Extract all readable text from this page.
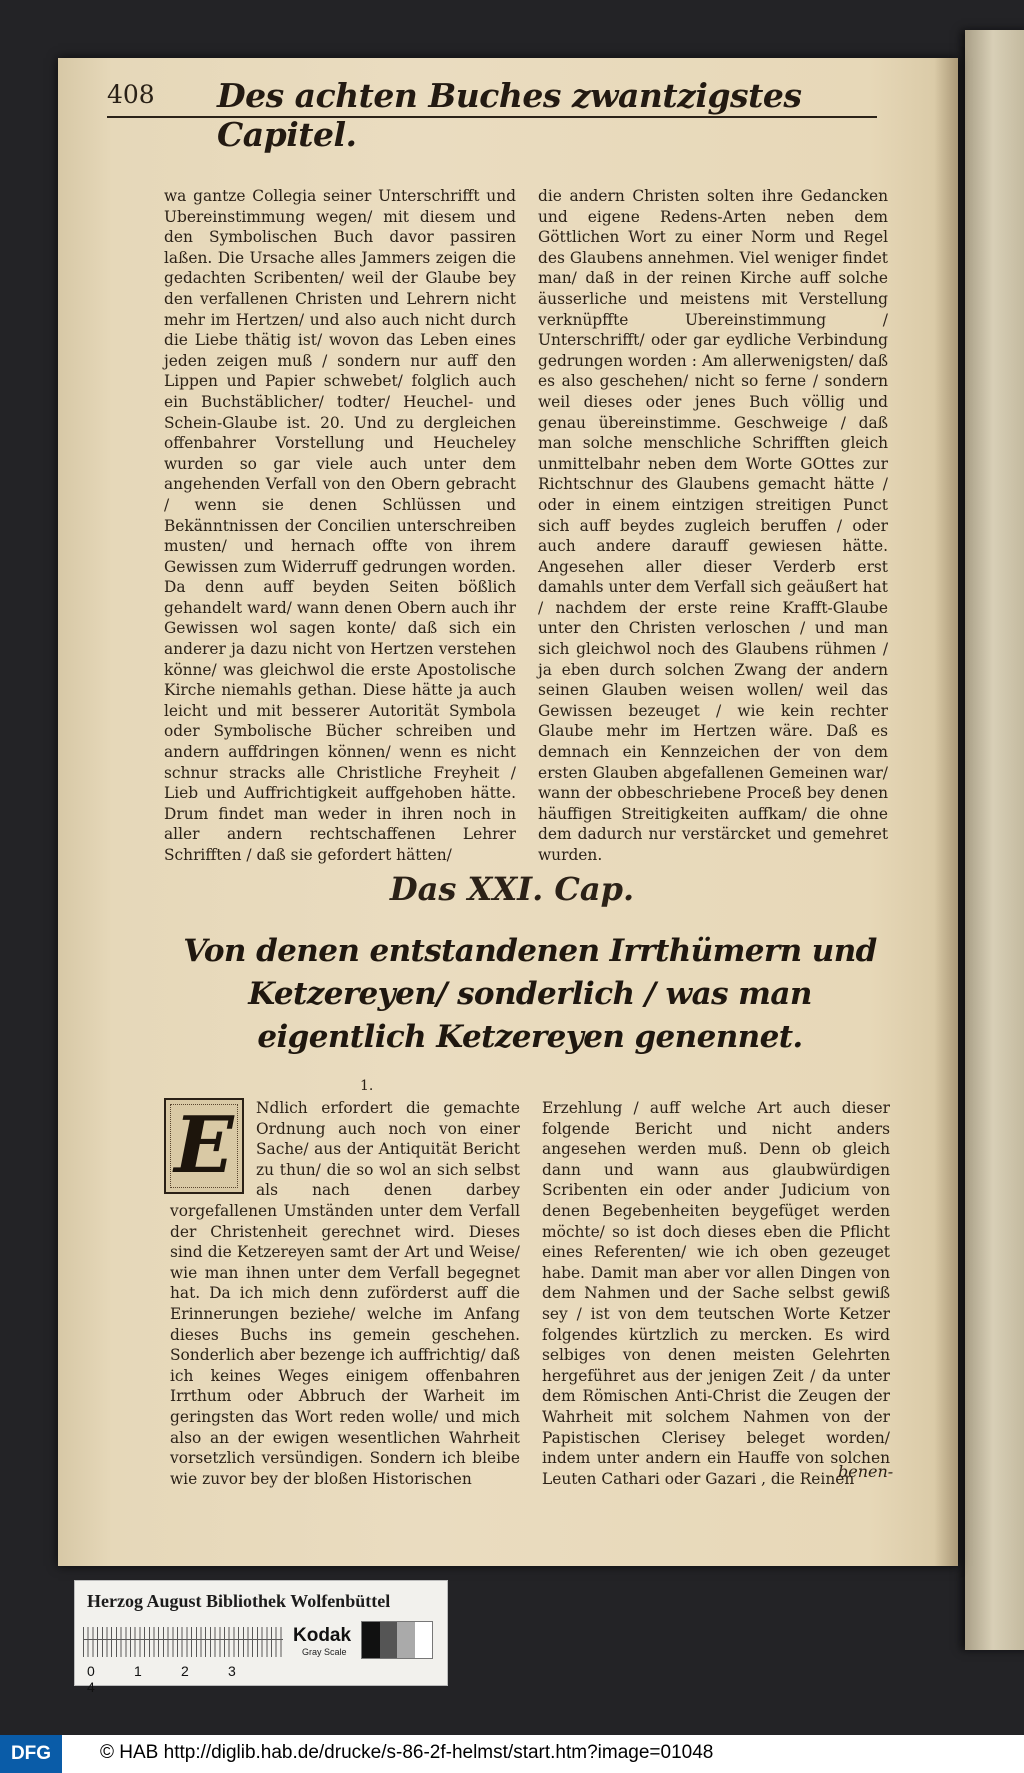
408 Des achten Buches zwantzigstes Capitel.

wa gantze Collegia seiner Unterschrifft und Ubereinstimmung wegen/ mit diesem und den Symbolischen Buch davor passiren laßen. Die Ursache alles Jammers zeigen die gedachten Scribenten/ weil der Glaube bey den verfallenen Christen und Lehrern nicht mehr im Hertzen/ und also auch nicht durch die Liebe thätig ist/ wovon das Leben eines jeden zeigen muß / sondern nur auff den Lippen und Papier schwebet/ folglich auch ein Buchstäblicher/ todter/ Heuchel- und Schein-Glaube ist. 20. Und zu dergleichen offenbahrer Vorstellung und Heucheley wurden so gar viele auch unter dem angehenden Verfall von den Obern gebracht / wenn sie denen Schlüssen und Bekänntnissen der Concilien unterschreiben musten/ und hernach offte von ihrem Gewissen zum Widerruff gedrungen worden. Da denn auff beyden Seiten bößlich gehandelt ward/ wann denen Obern auch ihr Gewissen wol sagen konte/ daß sich ein anderer ja dazu nicht von Hertzen verstehen könne/ was gleichwol die erste Apostolische Kirche niemahls gethan. Diese hätte ja auch leicht und mit besserer Autorität Symbola oder Symbolische Bücher schreiben und andern auffdringen können/ wenn es nicht schnur stracks alle Christliche Freyheit / Lieb und Auffrichtigkeit auffgehoben hätte. Drum findet man weder in ihren noch in aller andern rechtschaffenen Lehrer Schrifften / daß sie gefordert hätten/

die andern Christen solten ihre Gedancken und eigene Redens-Arten neben dem Göttlichen Wort zu einer Norm und Regel des Glaubens annehmen. Viel weniger findet man/ daß in der reinen Kirche auff solche äusserliche und meistens mit Verstellung verknüpffte Ubereinstimmung / Unterschrifft/ oder gar eydliche Verbindung gedrungen worden : Am allerwenigsten/ daß es also geschehen/ nicht so ferne / sondern weil dieses oder jenes Buch völlig und genau übereinstimme. Geschweige / daß man solche menschliche Schrifften gleich unmittelbahr neben dem Worte GOttes zur Richtschnur des Glaubens gemacht hätte / oder in einem eintzigen streitigen Punct sich auff beydes zugleich beruffen / oder auch andere darauff gewiesen hätte. Angesehen aller dieser Verderb erst damahls unter dem Verfall sich geäußert hat / nachdem der erste reine Krafft-Glaube unter den Christen verloschen / und man sich gleichwol noch des Glaubens rühmen / ja eben durch solchen Zwang der andern seinen Glauben weisen wollen/ weil das Gewissen bezeuget / wie kein rechter Glaube mehr im Hertzen wäre. Daß es demnach ein Kennzeichen der von dem ersten Glauben abgefallenen Gemeinen war/ wann der obbeschriebene Proceß bey denen häuffigen Streitigkeiten auffkam/ die ohne dem dadurch nur verstärcket und gemehret wurden.

Das XXI. Cap.
Von denen entstandenen Irrthümern und Ketzereyen/ sonderlich / was man eigentlich Ketzereyen genennet.
1.

Ndlich erfordert die gemachte Ordnung auch noch von einer Sache/ aus der Antiquität Bericht zu thun/ die so wol an sich selbst als nach denen darbey vorgefallenen Umständen unter dem Verfall der Christenheit gerechnet wird. Dieses sind die Ketzereyen samt der Art und Weise/ wie man ihnen unter dem Verfall begegnet hat. Da ich mich denn zuförderst auff die Erinnerungen beziehe/ welche im Anfang dieses Buchs ins gemein geschehen. Sonderlich aber bezenge ich auffrichtig/ daß ich keines Weges einigem offenbahren Irrthum oder Abbruch der Warheit im geringsten das Wort reden wolle/ und mich also an der ewigen wesentlichen Wahrheit vorsetzlich versündigen. Sondern ich bleibe wie zuvor bey der bloßen Historischen

E	Erzehlung / auff welche Art auch dieser folgende Bericht und nicht anders angesehen werden muß. Denn ob gleich dann und wann aus glaubwürdigen Scribenten ein oder ander Judicium von denen Begebenheiten beygefüget werden möchte/ so ist doch dieses eben die Pflicht eines Referenten/ wie ich oben gezeuget habe. Damit man aber vor allen Dingen von dem Nahmen und der Sache selbst gewiß sey / ist von dem teutschen Worte Ketzer folgendes kürtzlich zu mercken. Es wird selbiges von denen meisten Gelehrten hergeführet aus der jenigen Zeit / da unter dem Römischen Anti-Christ die Zeugen der Wahrheit mit solchem Nahmen von der Papistischen Clerisey beleget worden/ indem unter andern ein Hauffe von solchen Leuten Cathari oder Gazari , die Reinen

benen-
Herzog August Bibliothek Wolfenbüttel
0	1	2	34
Kodak
Gray Scale
DFG	© HAB http://diglib.hab.de/drucke/s-86-2f-helmst/start.htm?image=01048
